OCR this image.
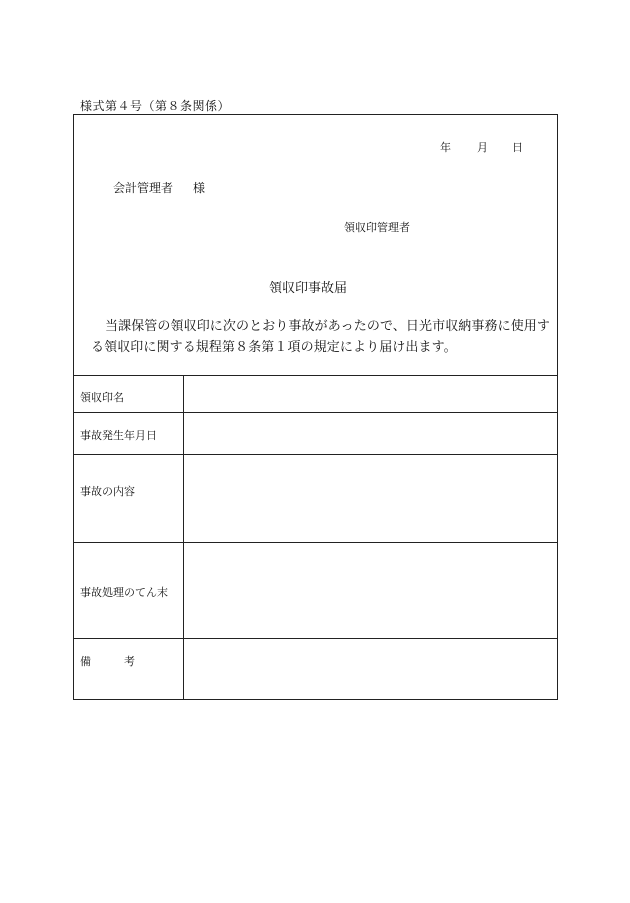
様式第４号（第８条関係）
年 月 日
会計管理者 様
領収印管理者
領収印事故届
当課保管の領収印に次のとおり事故があったので、日光市収納事務に使用す
る領収印に関する規程第８条第１項の規定により届け出ます。
領収印名
事故発生年月日
事故の内容
事故処理のてん末
備　　　考
